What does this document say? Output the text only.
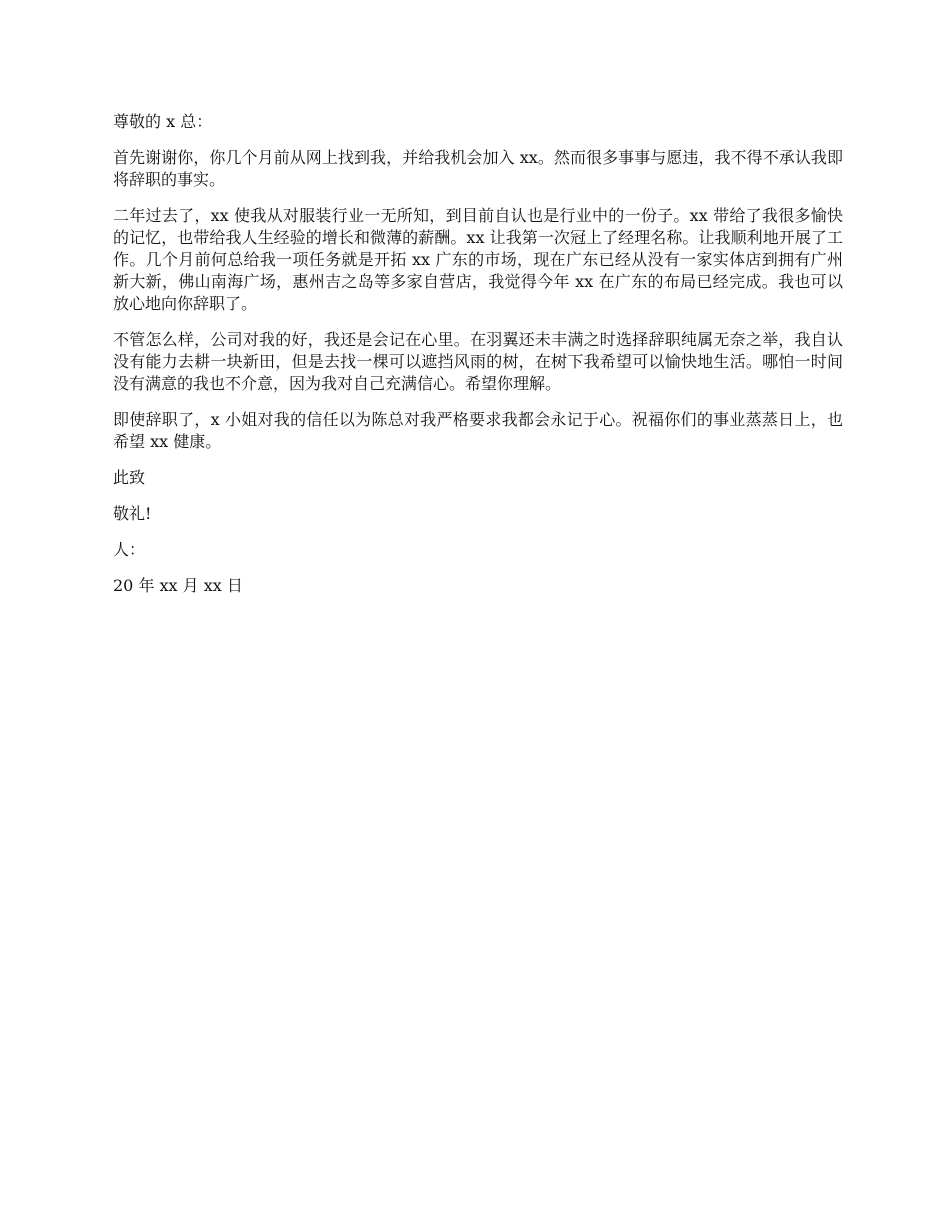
尊敬的 x 总：

首先谢谢你，你几个月前从网上找到我，并给我机会加入 xx。然而很多事事与愿违，我不得不承认我即将辞职的事实。

二年过去了，xx 使我从对服装行业一无所知，到目前自认也是行业中的一份子。xx 带给了我很多愉快的记忆，也带给我人生经验的增长和微薄的薪酬。xx 让我第一次冠上了经理名称。让我顺利地开展了工作。几个月前何总给我一项任务就是开拓 xx 广东的市场，现在广东已经从没有一家实体店到拥有广州新大新，佛山南海广场，惠州吉之岛等多家自营店，我觉得今年 xx 在广东的布局已经完成。我也可以放心地向你辞职了。

不管怎么样，公司对我的好，我还是会记在心里。在羽翼还未丰满之时选择辞职纯属无奈之举，我自认没有能力去耕一块新田，但是去找一棵可以遮挡风雨的树，在树下我希望可以愉快地生活。哪怕一时间没有满意的我也不介意，因为我对自己充满信心。希望你理解。

即使辞职了，x 小姐对我的信任以为陈总对我严格要求我都会永记于心。祝福你们的事业蒸蒸日上，也希望 xx 健康。

此致

敬礼!

人：

20 年 xx 月 xx 日
